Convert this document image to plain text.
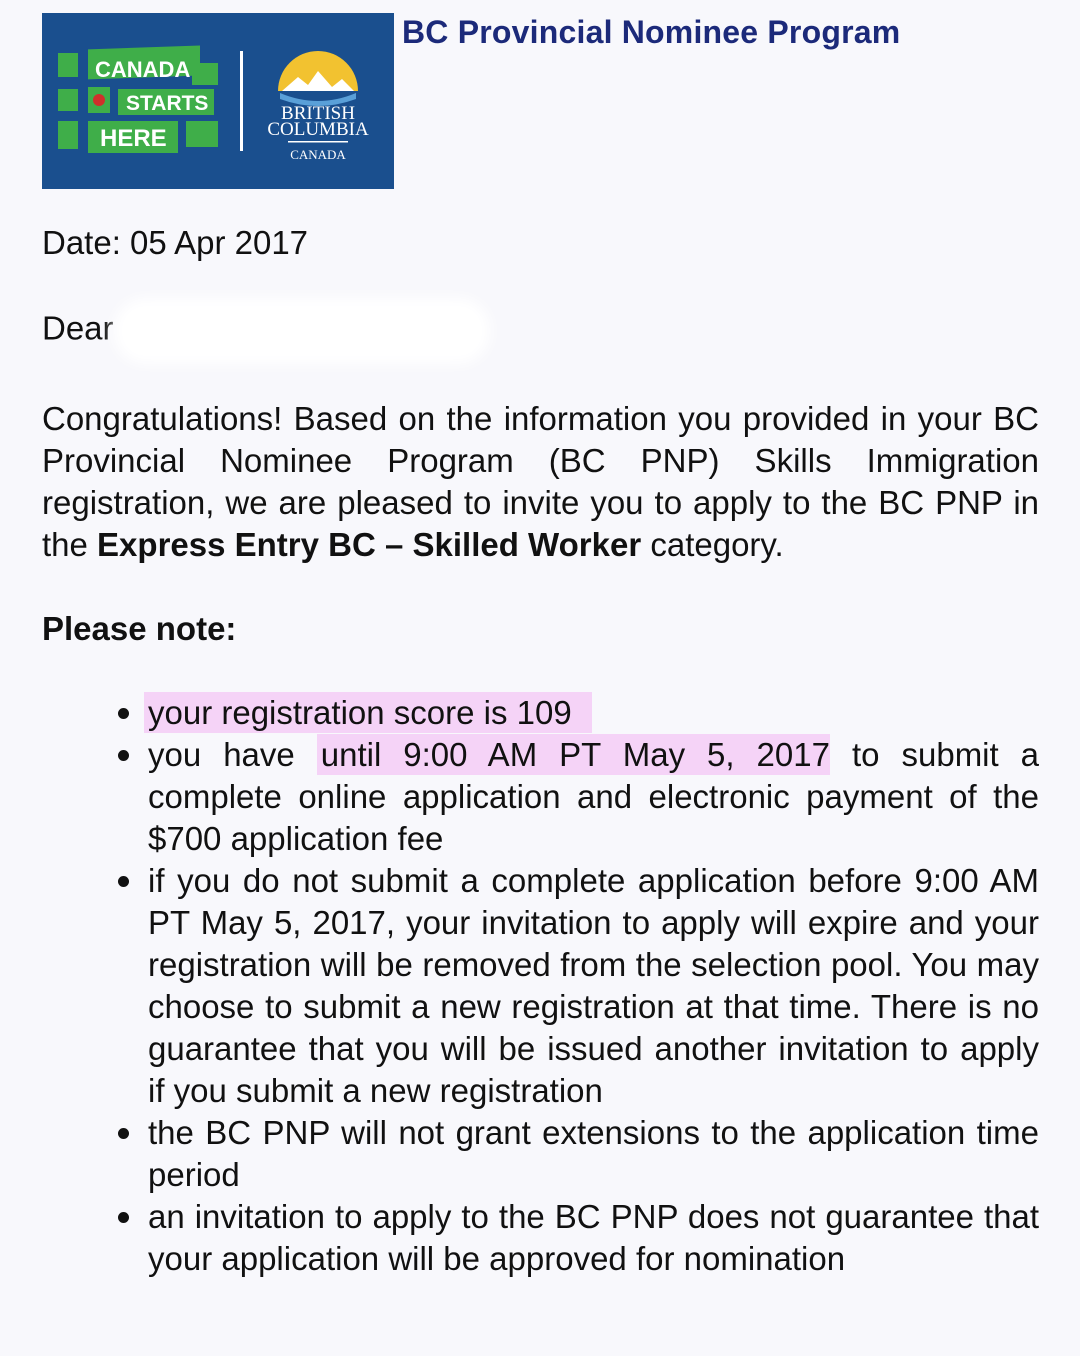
CANADA
STARTS
HERE
BRITISH
COLUMBIA
CANADA
BC Provincial Nominee Program

Date: 05 Apr 2017

Dear

Congratulations! Based on the information you provided in your BC Provincial Nominee Program (BC PNP) Skills Immigration registration, we are pleased to invite you to apply to the BC PNP in the Express Entry BC – Skilled Worker category.

Please note:

your registration score is 109
you have until 9:00 AM PT May 5, 2017 to submit a complete online application and electronic payment of the $700 application fee
if you do not submit a complete application before 9:00 AM PT May 5, 2017, your invitation to apply will expire and your registration will be removed from the selection pool. You may choose to submit a new registration at that time. There is no guarantee that you will be issued another invitation to apply if you submit a new registration
the BC PNP will not grant extensions to the application time period
an invitation to apply to the BC PNP does not guarantee that your application will be approved for nomination
